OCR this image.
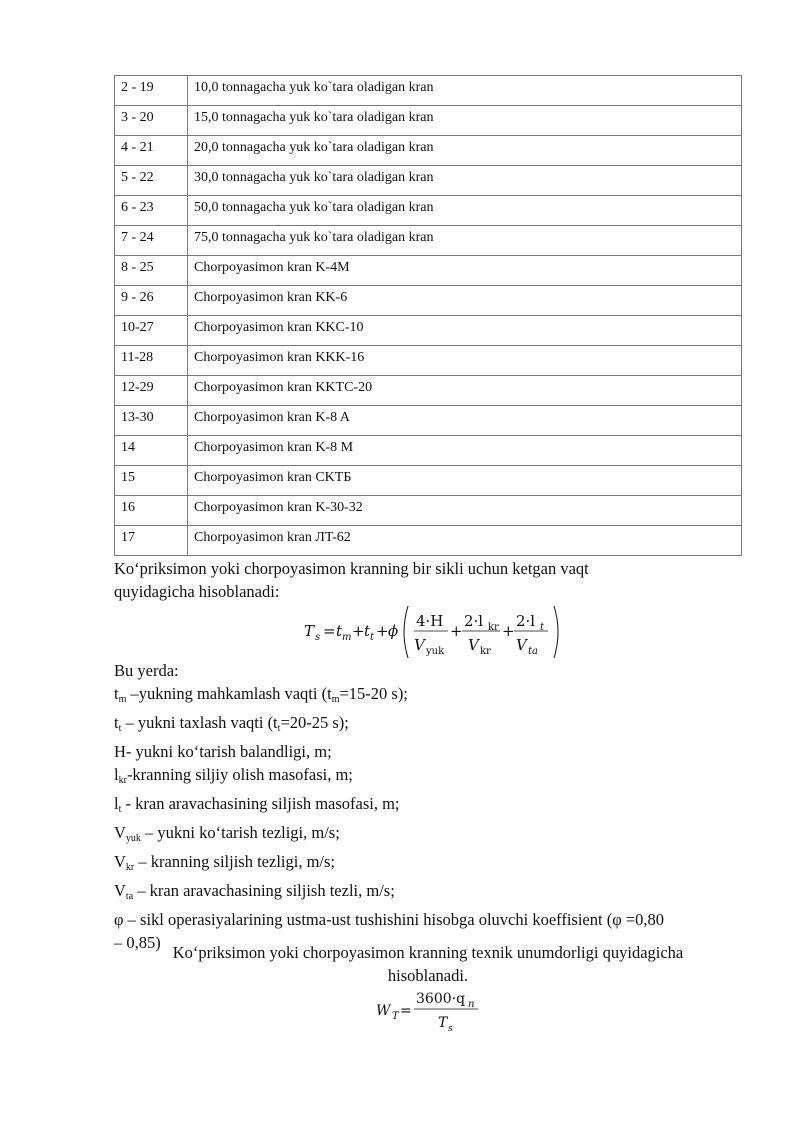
2 - 19	10,0 tonnagacha yuk ko`tara oladigan kran
3 - 20	15,0 tonnagacha yuk ko`tara oladigan kran
4 - 21	20,0 tonnagacha yuk ko`tara oladigan kran
5 - 22	30,0 tonnagacha yuk ko`tara oladigan kran
6 - 23	50,0 tonnagacha yuk ko`tara oladigan kran
7 - 24	75,0 tonnagacha yuk ko`tara oladigan kran
8 - 25	Chorpoyasimon kran K-4M
9 - 26	Chorpoyasimon kran KK-6
10-27	Chorpoyasimon kran KKC-10
11-28	Chorpoyasimon kran KKK-16
12-29	Chorpoyasimon kran KKTC-20
13-30	Chorpoyasimon kran K-8 A
14	Chorpoyasimon kran K-8 M
15	Chorpoyasimon kran CKTБ
16	Chorpoyasimon kran K-30-32
17	Chorpoyasimon kran ЛT-62
Ko‘priksimon yoki chorpoyasimon kranning bir sikli uchun ketgan vaqt
quyidagicha hisoblanadi:
T s = t m + t t + ϕ
4·H
V yuk
+
2·l kr
V kr
+
2·l t
V ta
Bu yerda:
$t_m$ –yukning mahkamlash vaqti ($t_m=15-20$ s);
$t_t$ – yukni taxlash vaqti ($t_t=20-25$ s);
H- yukni ko‘tarish balandligi, m;
$l_{kr}$-kranning siljiy olish masofasi, m;
$l_t$ - kran aravachasining siljish masofasi, m;
$V_{yuk}$ – yukni ko‘tarish tezligi, m/s;
$V_{kr}$ – kranning siljish tezligi, m/s;
$V_{ta}$ – kran aravachasining siljish tezli, m/s;
φ – sikl operasiyalarining ustma-ust tushishini hisobga oluvchi koeffisient (φ =0,80
– 0,85)
Ko‘priksimon yoki chorpoyasimon kranning texnik unumdorligi quyidagicha
hisoblanadi.
W T =
3600·q n
T s
